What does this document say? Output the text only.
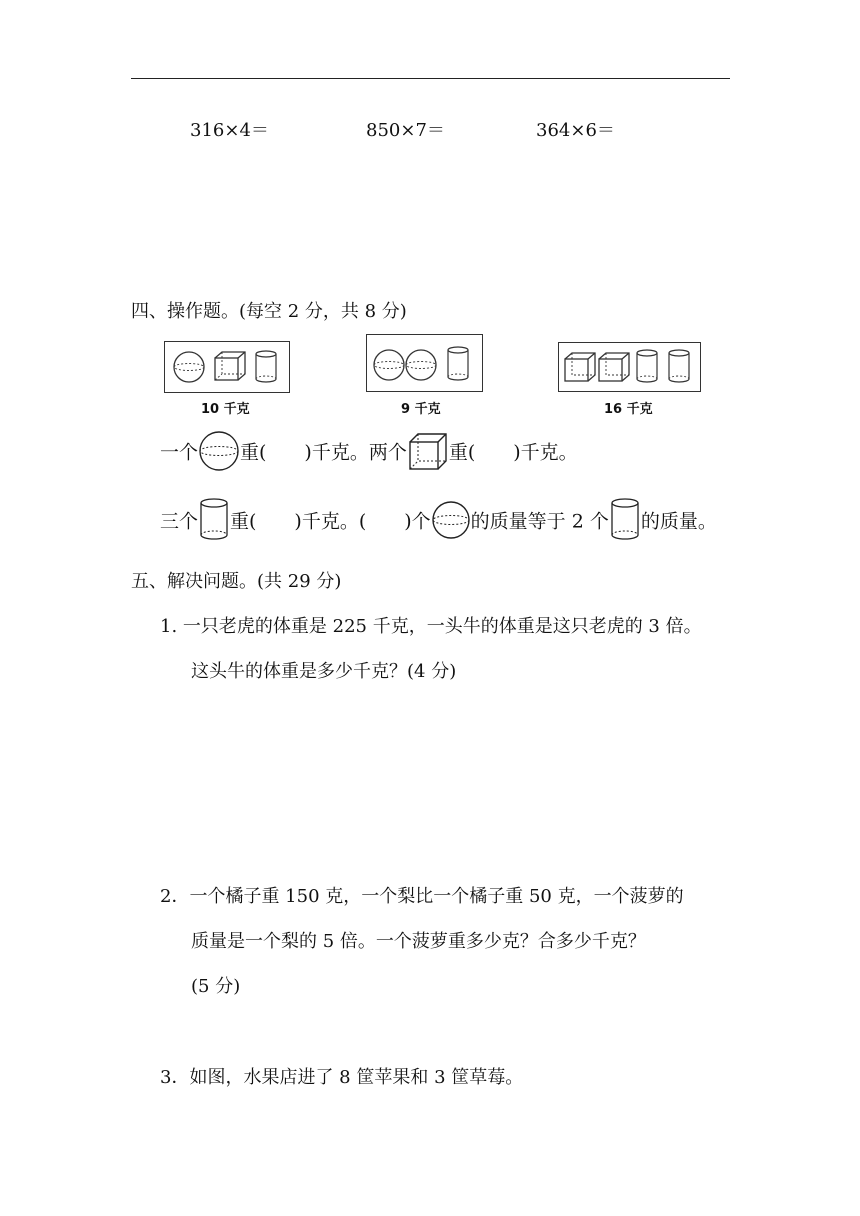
316×4＝	850×7＝	364×6＝
四、操作题。(每空 2 分，共 8 分)
10 千克	9 千克	16 千克
一个 重(　　)千克。两个 重(　　)千克。
三个 重(　　)千克。(　　)个 的质量等于 2 个 的质量。
五、解决问题。(共 29 分)
1. 一只老虎的体重是 225 千克，一头牛的体重是这只老虎的 3 倍。
这头牛的体重是多少千克？(4 分)
2．一个橘子重 150 克，一个梨比一个橘子重 50 克，一个菠萝的
质量是一个梨的 5 倍。一个菠萝重多少克？合多少千克？
(5 分)
3．如图，水果店进了 8 筐苹果和 3 筐草莓。
